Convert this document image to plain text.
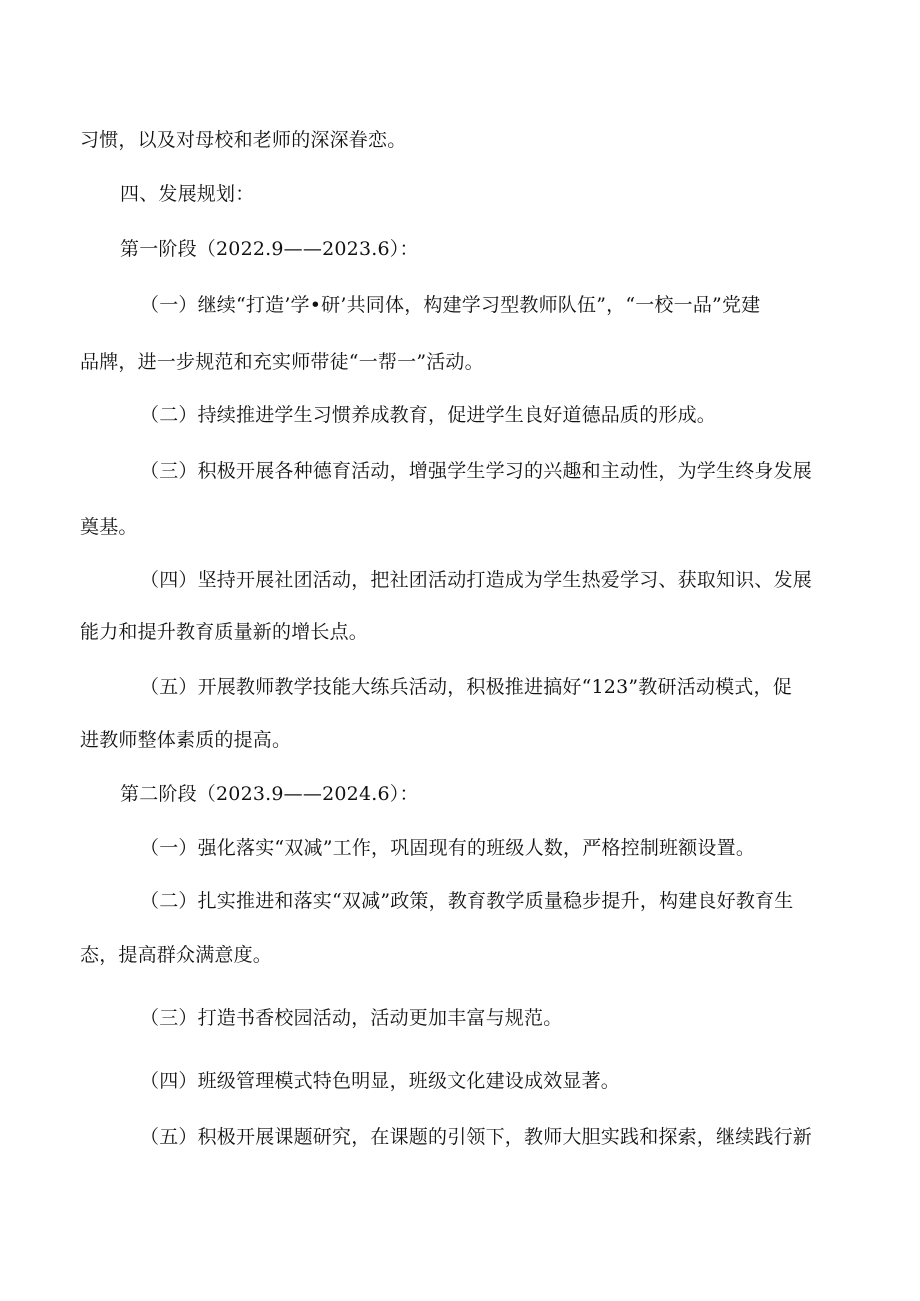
习惯，以及对母校和老师的深深眷恋。
四、发展规划：
第一阶段（2022.9——2023.6）：
（一）继续“打造’学•研’共同体，构建学习型教师队伍”，“一校一品”党建
品牌，进一步规范和充实师带徒“一帮一”活动。
（二）持续推进学生习惯养成教育，促进学生良好道德品质的形成。
（三）积极开展各种德育活动，增强学生学习的兴趣和主动性，为学生终身发展
奠基。
（四）坚持开展社团活动，把社团活动打造成为学生热爱学习、获取知识、发展
能力和提升教育质量新的增长点。
（五）开展教师教学技能大练兵活动，积极推进搞好“123”教研活动模式，促
进教师整体素质的提高。
第二阶段（2023.9——2024.6）：
（一）强化落实“双减”工作，巩固现有的班级人数，严格控制班额设置。
（二）扎实推进和落实“双减”政策，教育教学质量稳步提升，构建良好教育生
态，提高群众满意度。
（三）打造书香校园活动，活动更加丰富与规范。
（四）班级管理模式特色明显，班级文化建设成效显著。
（五）积极开展课题研究，在课题的引领下，教师大胆实践和探索，继续践行新
